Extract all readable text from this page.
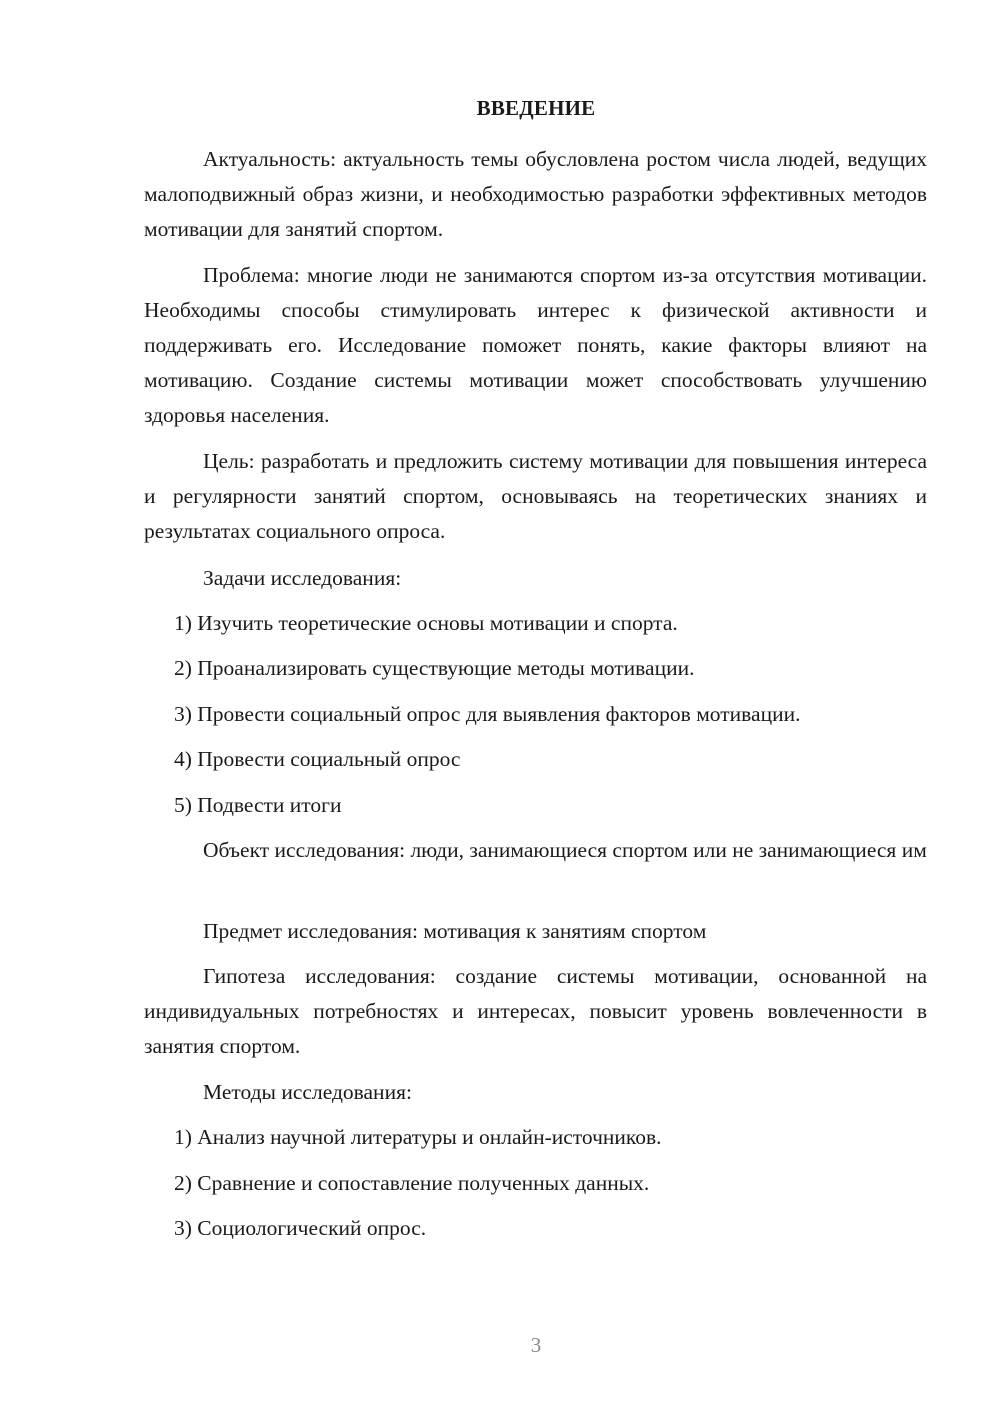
ВВЕДЕНИЕ

Актуальность: актуальность темы обусловлена ростом числа людей, ведущих малоподвижный образ жизни, и необходимостью разработки эффективных методов мотивации для занятий спортом.

Проблема: многие люди не занимаются спортом из-за отсутствия мотивации. Необходимы способы стимулировать интерес к физической активности и поддерживать его. Исследование поможет понять, какие факторы влияют на мотивацию. Создание системы мотивации может способствовать улучшению здоровья населения.

Цель: разработать и предложить систему мотивации для повышения интереса и регулярности занятий спортом, основываясь на теоретических знаниях и результатах социального опроса.

Задачи исследования:

1) Изучить теоретические основы мотивации и спорта.

2) Проанализировать существующие методы мотивации.

3) Провести социальный опрос для выявления факторов мотивации.

4) Провести социальный опрос

5) Подвести итоги

Объект исследования: люди, занимающиеся спортом или не занимающиеся им

Предмет исследования: мотивация к занятиям спортом

Гипотеза исследования: создание системы мотивации, основанной на индивидуальных потребностях и интересах, повысит уровень вовлеченности в занятия спортом.

Методы исследования:

1) Анализ научной литературы и онлайн-источников.

2) Сравнение и сопоставление полученных данных.

3) Социологический опрос.

3
